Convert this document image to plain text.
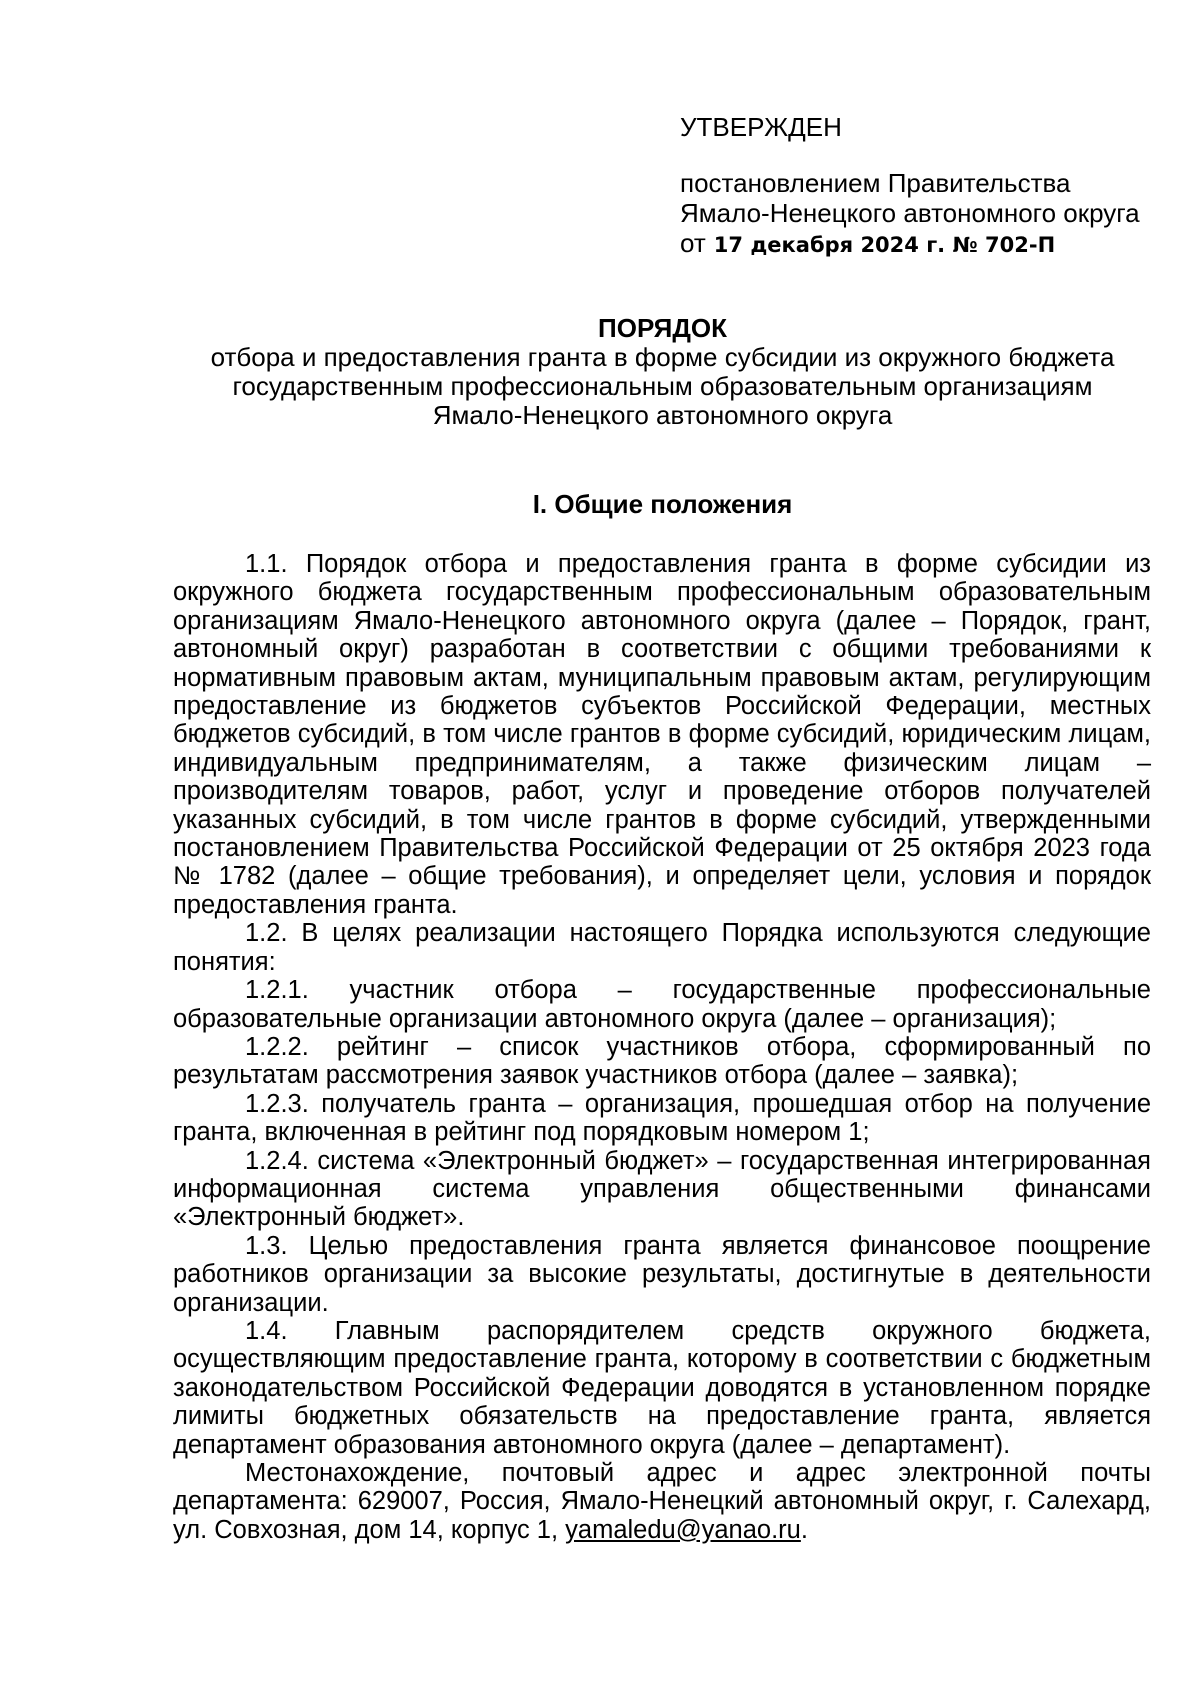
УТВЕРЖДЕН
постановлением Правительства
Ямало-Ненецкого автономного округа
от 17 декабря 2024 г. № 702-П
ПОРЯДОК
отбора и предоставления гранта в форме субсидии из окружного бюджета
государственным профессиональным образовательным организациям
Ямало-Ненецкого автономного округа
I. Общие положения

1.1. Порядок отбора и предоставления гранта в форме субсидии из окружного бюджета государственным профессиональным образовательным организациям Ямало-Ненецкого автономного округа (далее – Порядок, грант, автономный округ) разработан в соответствии с общими требованиями к нормативным правовым актам, муниципальным правовым актам, регулирующим предоставление из бюджетов субъектов Российской Федерации, местных бюджетов субсидий, в том числе грантов в форме субсидий, юридическим лицам, индивидуальным предпринимателям, а также физическим лицам – производителям товаров, работ, услуг и проведение отборов получателей указанных субсидий, в том числе грантов в форме субсидий, утвержденными постановлением Правительства Российской Федерации от 25 октября 2023 года № 1782 (далее – общие требования), и определяет цели, условия и порядок предоставления гранта.

1.2. В целях реализации настоящего Порядка используются следующие понятия:

1.2.1. участник отбора – государственные профессиональные образовательные организации автономного округа (далее – организация);

1.2.2. рейтинг – список участников отбора, сформированный по результатам рассмотрения заявок участников отбора (далее – заявка);

1.2.3. получатель гранта – организация, прошедшая отбор на получение гранта, включенная в рейтинг под порядковым номером 1;

1.2.4. система «Электронный бюджет» – государственная интегрированная информационная система управления общественными финансами «Электронный бюджет».

1.3. Целью предоставления гранта является финансовое поощрение работников организации за высокие результаты, достигнутые в деятельности организации.

1.4. Главным распорядителем средств окружного бюджета, осуществляющим предоставление гранта, которому в соответствии с бюджетным законодательством Российской Федерации доводятся в установленном порядке лимиты бюджетных обязательств на предоставление гранта, является департамент образования автономного округа (далее – департамент).

Местонахождение, почтовый адрес и адрес электронной почты департамента: 629007, Россия, Ямало-Ненецкий автономный округ, г. Салехард, ул. Совхозная, дом 14, корпус 1, yamaledu@yanao.ru.
